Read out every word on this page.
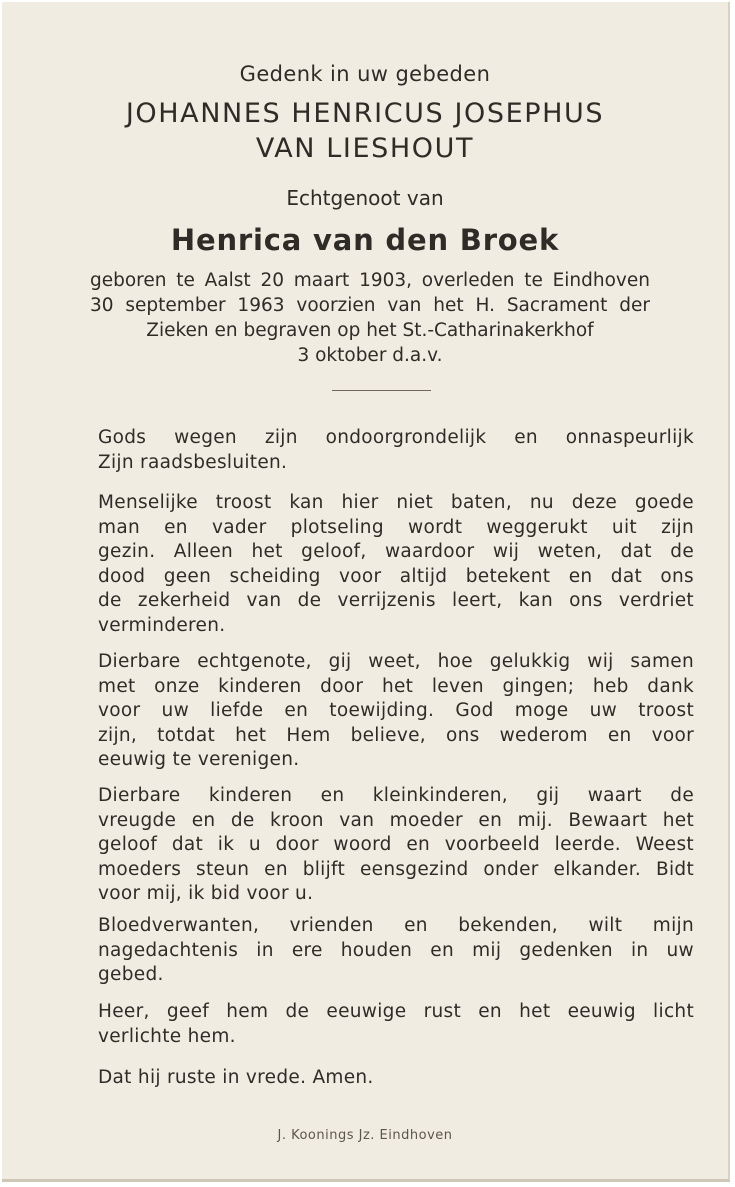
Gedenk in uw gebeden
JOHANNES HENRICUS JOSEPHUS
VAN LIESHOUT
Echtgenoot van
Henrica van den Broek
geboren te Aalst 20 maart 1903, overleden te Eindhoven
30 september 1963 voorzien van het H. Sacrament der
Zieken en begraven op het St.-Catharinakerkhof
3 oktober d.a.v.
Gods wegen zijn ondoorgrondelijk en onnaspeurlijk
Zijn raadsbesluiten.
Menselijke troost kan hier niet baten, nu deze goede
man en vader plotseling wordt weggerukt uit zijn
gezin. Alleen het geloof, waardoor wij weten, dat de
dood geen scheiding voor altijd betekent en dat ons
de zekerheid van de verrijzenis leert, kan ons verdriet
verminderen.
Dierbare echtgenote, gij weet, hoe gelukkig wij samen
met onze kinderen door het leven gingen; heb dank
voor uw liefde en toewijding. God moge uw troost
zijn, totdat het Hem believe, ons wederom en voor
eeuwig te verenigen.
Dierbare kinderen en kleinkinderen, gij waart de
vreugde en de kroon van moeder en mij. Bewaart het
geloof dat ik u door woord en voorbeeld leerde. Weest
moeders steun en blijft eensgezind onder elkander. Bidt
voor mij, ik bid voor u.
Bloedverwanten, vrienden en bekenden, wilt mijn
nagedachtenis in ere houden en mij gedenken in uw
gebed.
Heer, geef hem de eeuwige rust en het eeuwig licht
verlichte hem.
Dat hij ruste in vrede. Amen.
J. Koonings Jz. Eindhoven
